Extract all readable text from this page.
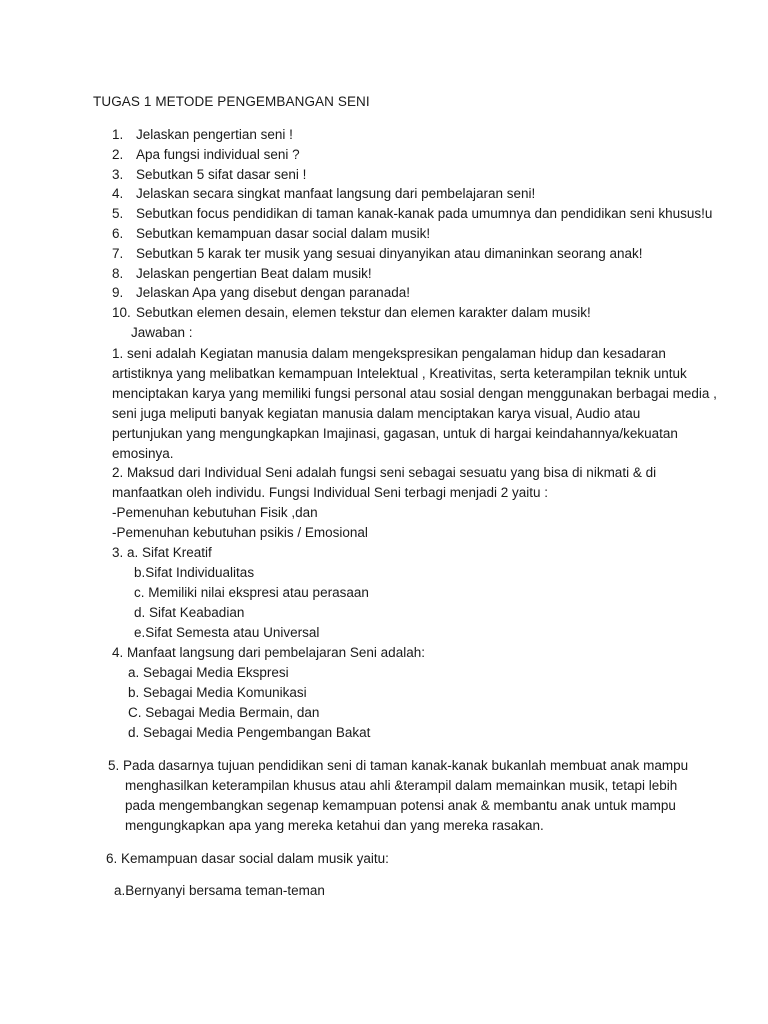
TUGAS 1 METODE PENGEMBANGAN SENI
1. Jelaskan pengertian seni !
2. Apa fungsi individual seni ?
3. Sebutkan 5 sifat dasar seni !
4. Jelaskan secara singkat manfaat langsung dari pembelajaran seni!
5. Sebutkan focus pendidikan di taman kanak-kanak pada umumnya dan pendidikan seni khusus!u
6. Sebutkan kemampuan dasar social dalam musik!
7. Sebutkan 5 karak ter musik yang sesuai dinyanyikan atau dimaninkan seorang anak!
8. Jelaskan pengertian Beat dalam musik!
9. Jelaskan Apa yang disebut dengan paranada!
10. Sebutkan elemen desain, elemen tekstur dan elemen karakter dalam musik!
Jawaban :
1. seni adalah Kegiatan manusia dalam mengekspresikan pengalaman hidup dan kesadaran
artistiknya yang melibatkan kemampuan Intelektual , Kreativitas, serta keterampilan teknik untuk
menciptakan karya yang memiliki fungsi personal atau sosial dengan menggunakan berbagai media ,
seni juga meliputi banyak kegiatan manusia dalam menciptakan karya visual, Audio atau
pertunjukan yang mengungkapkan Imajinasi, gagasan, untuk di hargai keindahannya/kekuatan
emosinya.
2. Maksud dari Individual Seni adalah fungsi seni sebagai sesuatu yang bisa di nikmati & di
manfaatkan oleh individu. Fungsi Individual Seni terbagi menjadi 2 yaitu :
-Pemenuhan kebutuhan Fisik ,dan
-Pemenuhan kebutuhan psikis / Emosional
3. a. Sifat Kreatif
b.Sifat Individualitas
c. Memiliki nilai ekspresi atau perasaan
d. Sifat Keabadian
e.Sifat Semesta atau Universal
4. Manfaat langsung dari pembelajaran Seni adalah:
a. Sebagai Media Ekspresi
b. Sebagai Media Komunikasi
C. Sebagai Media Bermain, dan
d. Sebagai Media Pengembangan Bakat
5. Pada dasarnya tujuan pendidikan seni di taman kanak-kanak bukanlah membuat anak mampu
menghasilkan keterampilan khusus atau ahli &terampil dalam memainkan musik, tetapi lebih
pada mengembangkan segenap kemampuan potensi anak & membantu anak untuk mampu
mengungkapkan apa yang mereka ketahui dan yang mereka rasakan.
6. Kemampuan dasar social dalam musik yaitu:
a.Bernyanyi bersama teman-teman
